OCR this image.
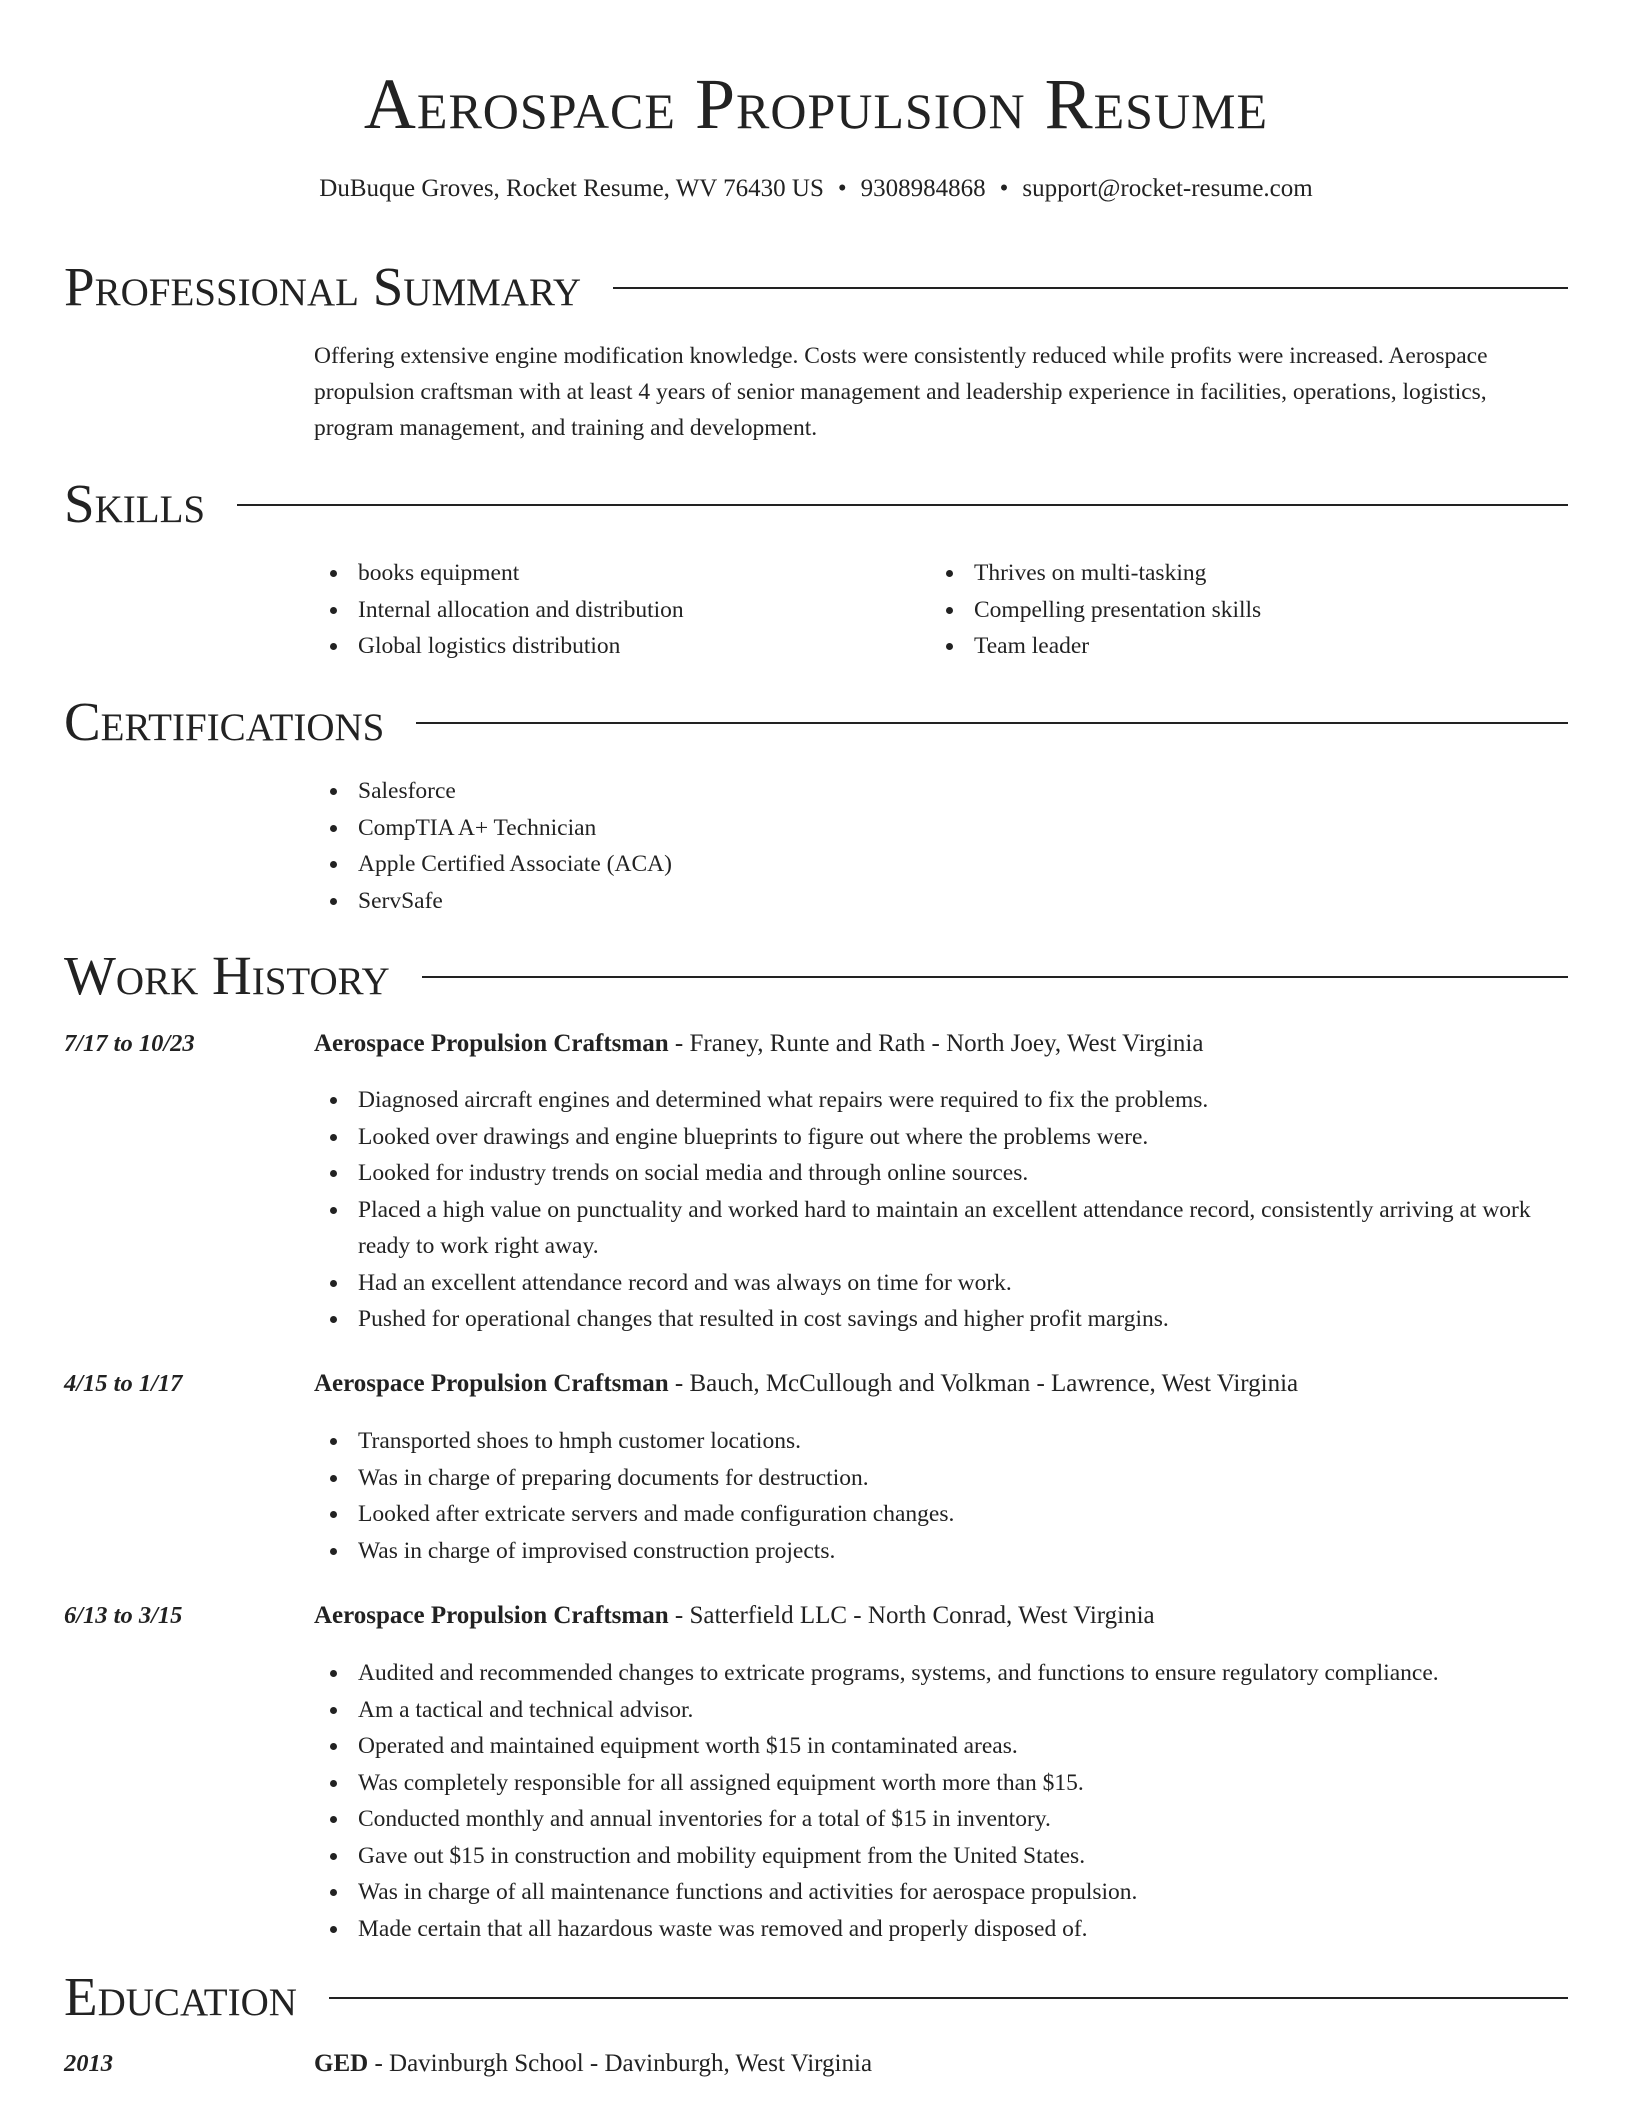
Aerospace Propulsion Resume
DuBuque Groves, Rocket Resume, WV 76430 US • 9308984868 • support@rocket-resume.com
Professional Summary
Offering extensive engine modification knowledge. Costs were consistently reduced while profits were increased. Aerospace propulsion craftsman with at least 4 years of senior management and leadership experience in facilities, operations, logistics, program management, and training and development.
Skills
books equipment
Internal allocation and distribution
Global logistics distribution
Thrives on multi-tasking
Compelling presentation skills
Team leader
Certifications
Salesforce
CompTIA A+ Technician
Apple Certified Associate (ACA)
ServSafe
Work History
7/17 to 10/23	Aerospace Propulsion Craftsman - Franey, Runte and Rath - North Joey, West Virginia
Diagnosed aircraft engines and determined what repairs were required to fix the problems.
Looked over drawings and engine blueprints to figure out where the problems were.
Looked for industry trends on social media and through online sources.
Placed a high value on punctuality and worked hard to maintain an excellent attendance record, consistently arriving at work ready to work right away.
Had an excellent attendance record and was always on time for work.
Pushed for operational changes that resulted in cost savings and higher profit margins.
4/15 to 1/17	Aerospace Propulsion Craftsman - Bauch, McCullough and Volkman - Lawrence, West Virginia
Transported shoes to hmph customer locations.
Was in charge of preparing documents for destruction.
Looked after extricate servers and made configuration changes.
Was in charge of improvised construction projects.
6/13 to 3/15	Aerospace Propulsion Craftsman - Satterfield LLC - North Conrad, West Virginia
Audited and recommended changes to extricate programs, systems, and functions to ensure regulatory compliance.
Am a tactical and technical advisor.
Operated and maintained equipment worth $15 in contaminated areas.
Was completely responsible for all assigned equipment worth more than $15.
Conducted monthly and annual inventories for a total of $15 in inventory.
Gave out $15 in construction and mobility equipment from the United States.
Was in charge of all maintenance functions and activities for aerospace propulsion.
Made certain that all hazardous waste was removed and properly disposed of.
Education
2013	GED - Davinburgh School - Davinburgh, West Virginia
